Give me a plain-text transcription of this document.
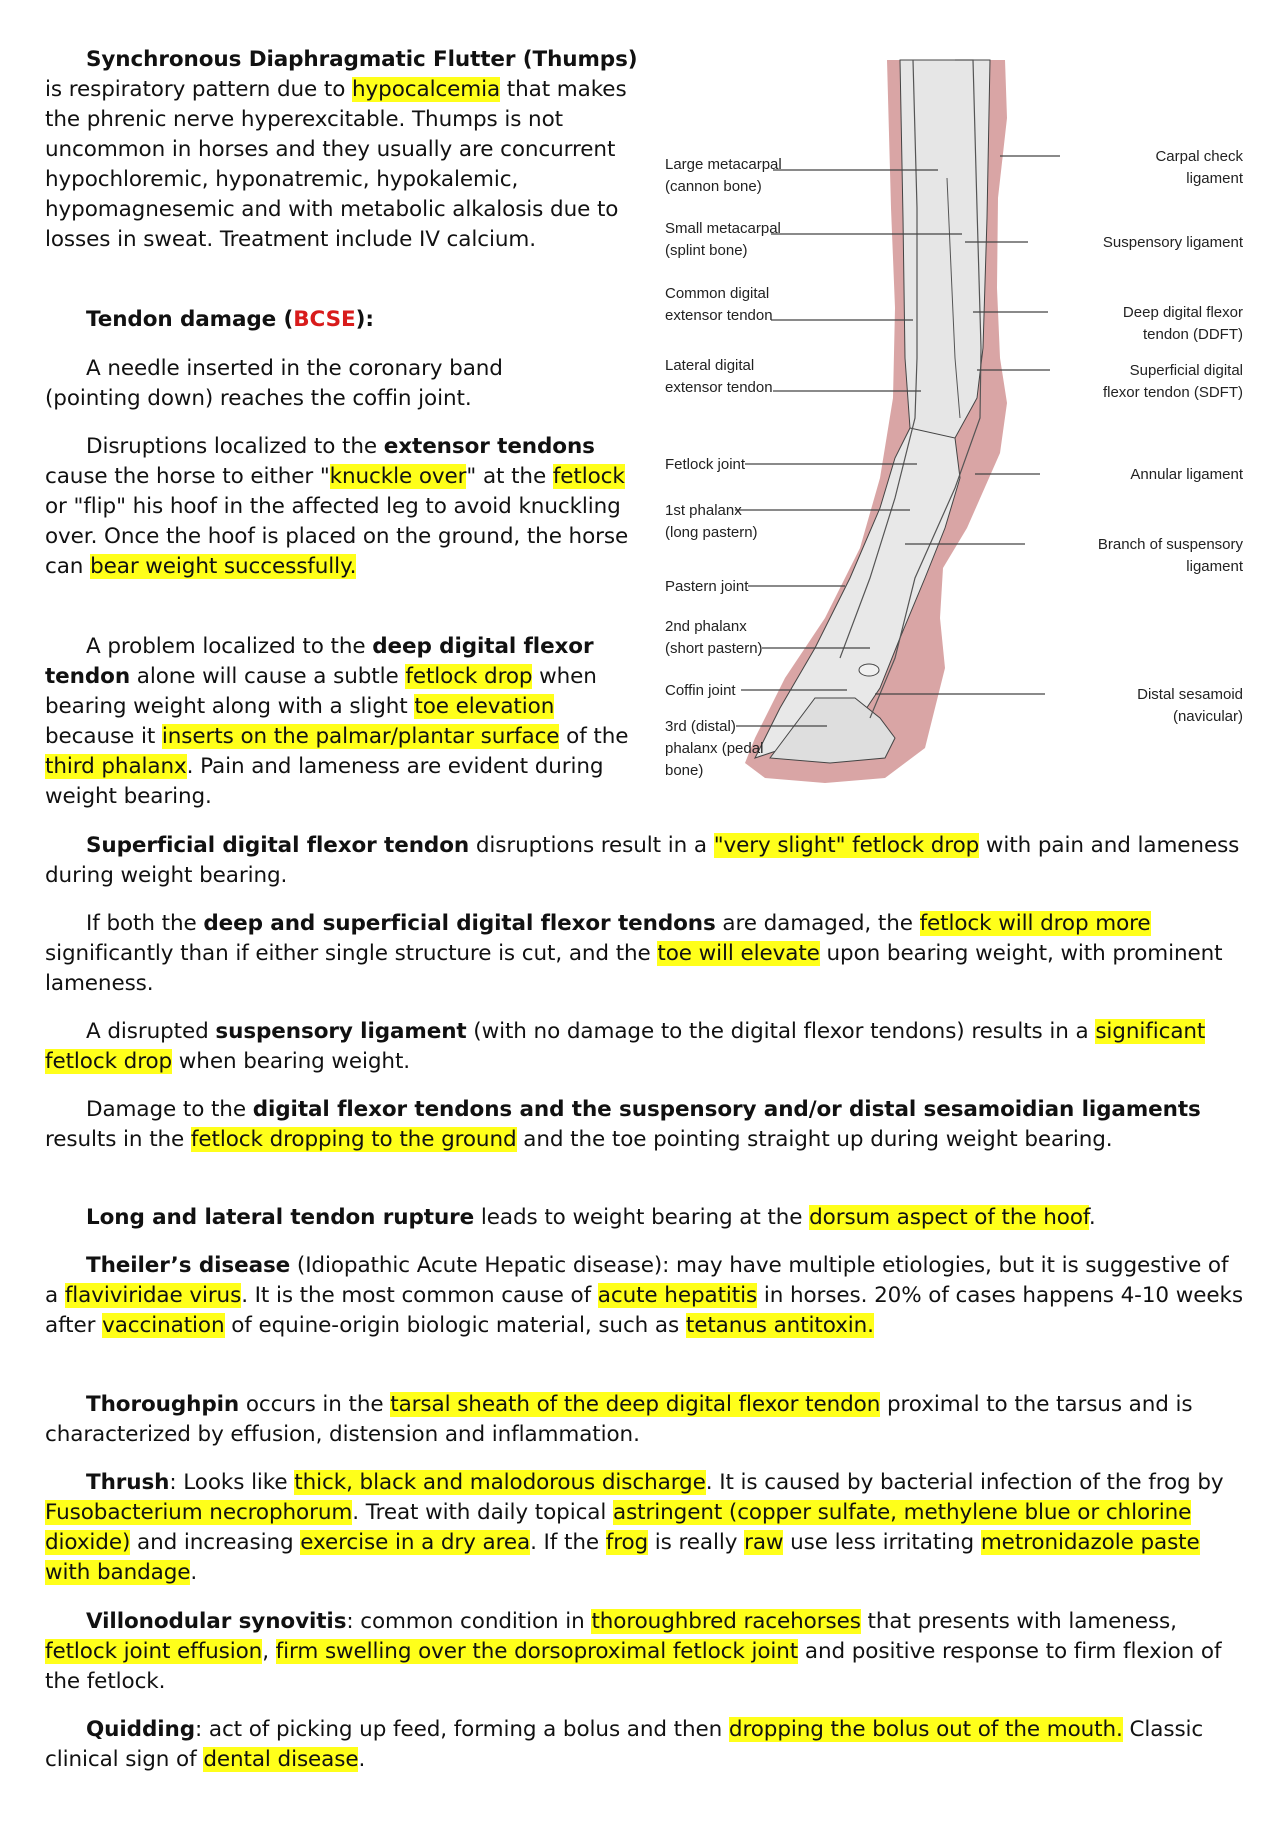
Synchronous Diaphragmatic Flutter (Thumps) is respiratory pattern due to hypocalcemia that makes the phrenic nerve hyperexcitable. Thumps is not uncommon in horses and they usually are concurrent hypochloremic, hyponatremic, hypokalemic, hypomagnesemic and with metabolic alkalosis due to losses in sweat. Treatment include IV calcium.

Tendon damage (BCSE):

A needle inserted in the coronary band (pointing down) reaches the coffin joint.

Disruptions localized to the extensor tendons cause the horse to either "knuckle over" at the fetlock or "flip" his hoof in the affected leg to avoid knuckling over. Once the hoof is placed on the ground, the horse can bear weight successfully.

A problem localized to the deep digital flexor tendon alone will cause a subtle fetlock drop when bearing weight along with a slight toe elevation because it inserts on the palmar/plantar surface of the third phalanx. Pain and lameness are evident during weight bearing.

Superficial digital flexor tendon disruptions result in a "very slight" fetlock drop with pain and lameness during weight bearing.

If both the deep and superficial digital flexor tendons are damaged, the fetlock will drop more significantly than if either single structure is cut, and the toe will elevate upon bearing weight, with prominent lameness.

A disrupted suspensory ligament (with no damage to the digital flexor tendons) results in a significant fetlock drop when bearing weight.

Damage to the digital flexor tendons and the suspensory and/or distal sesamoidian ligaments results in the fetlock dropping to the ground and the toe pointing straight up during weight bearing.

Long and lateral tendon rupture leads to weight bearing at the dorsum aspect of the hoof.

Theiler’s disease (Idiopathic Acute Hepatic disease): may have multiple etiologies, but it is suggestive of a flaviviridae virus. It is the most common cause of acute hepatitis in horses. 20% of cases happens 4-10 weeks after vaccination of equine-origin biologic material, such as tetanus antitoxin.

Thoroughpin occurs in the tarsal sheath of the deep digital flexor tendon proximal to the tarsus and is characterized by effusion, distension and inflammation.

Thrush: Looks like thick, black and malodorous discharge. It is caused by bacterial infection of the frog by Fusobacterium necrophorum. Treat with daily topical astringent (copper sulfate, methylene blue or chlorine dioxide) and increasing exercise in a dry area. If the frog is really raw use less irritating metronidazole paste with bandage.

Villonodular synovitis: common condition in thoroughbred racehorses that presents with lameness, fetlock joint effusion, firm swelling over the dorsoproximal fetlock joint and positive response to firm flexion of the fetlock.

Quidding: act of picking up feed, forming a bolus and then dropping the bolus out of the mouth. Classic clinical sign of dental disease.

Large metacarpal (cannon bone)
Small metacarpal (splint bone)
Common digital extensor tendon
Lateral digital extensor tendon
Fetlock joint
1st phalanx (long pastern)
Pastern joint
2nd phalanx (short pastern)
Coffin joint
3rd (distal) phalanx (pedal bone)
Carpal check ligament
Suspensory ligament
Deep digital flexor tendon (DDFT)
Superficial digital flexor tendon (SDFT)
Annular ligament
Branch of suspensory ligament
Distal sesamoid (navicular)
